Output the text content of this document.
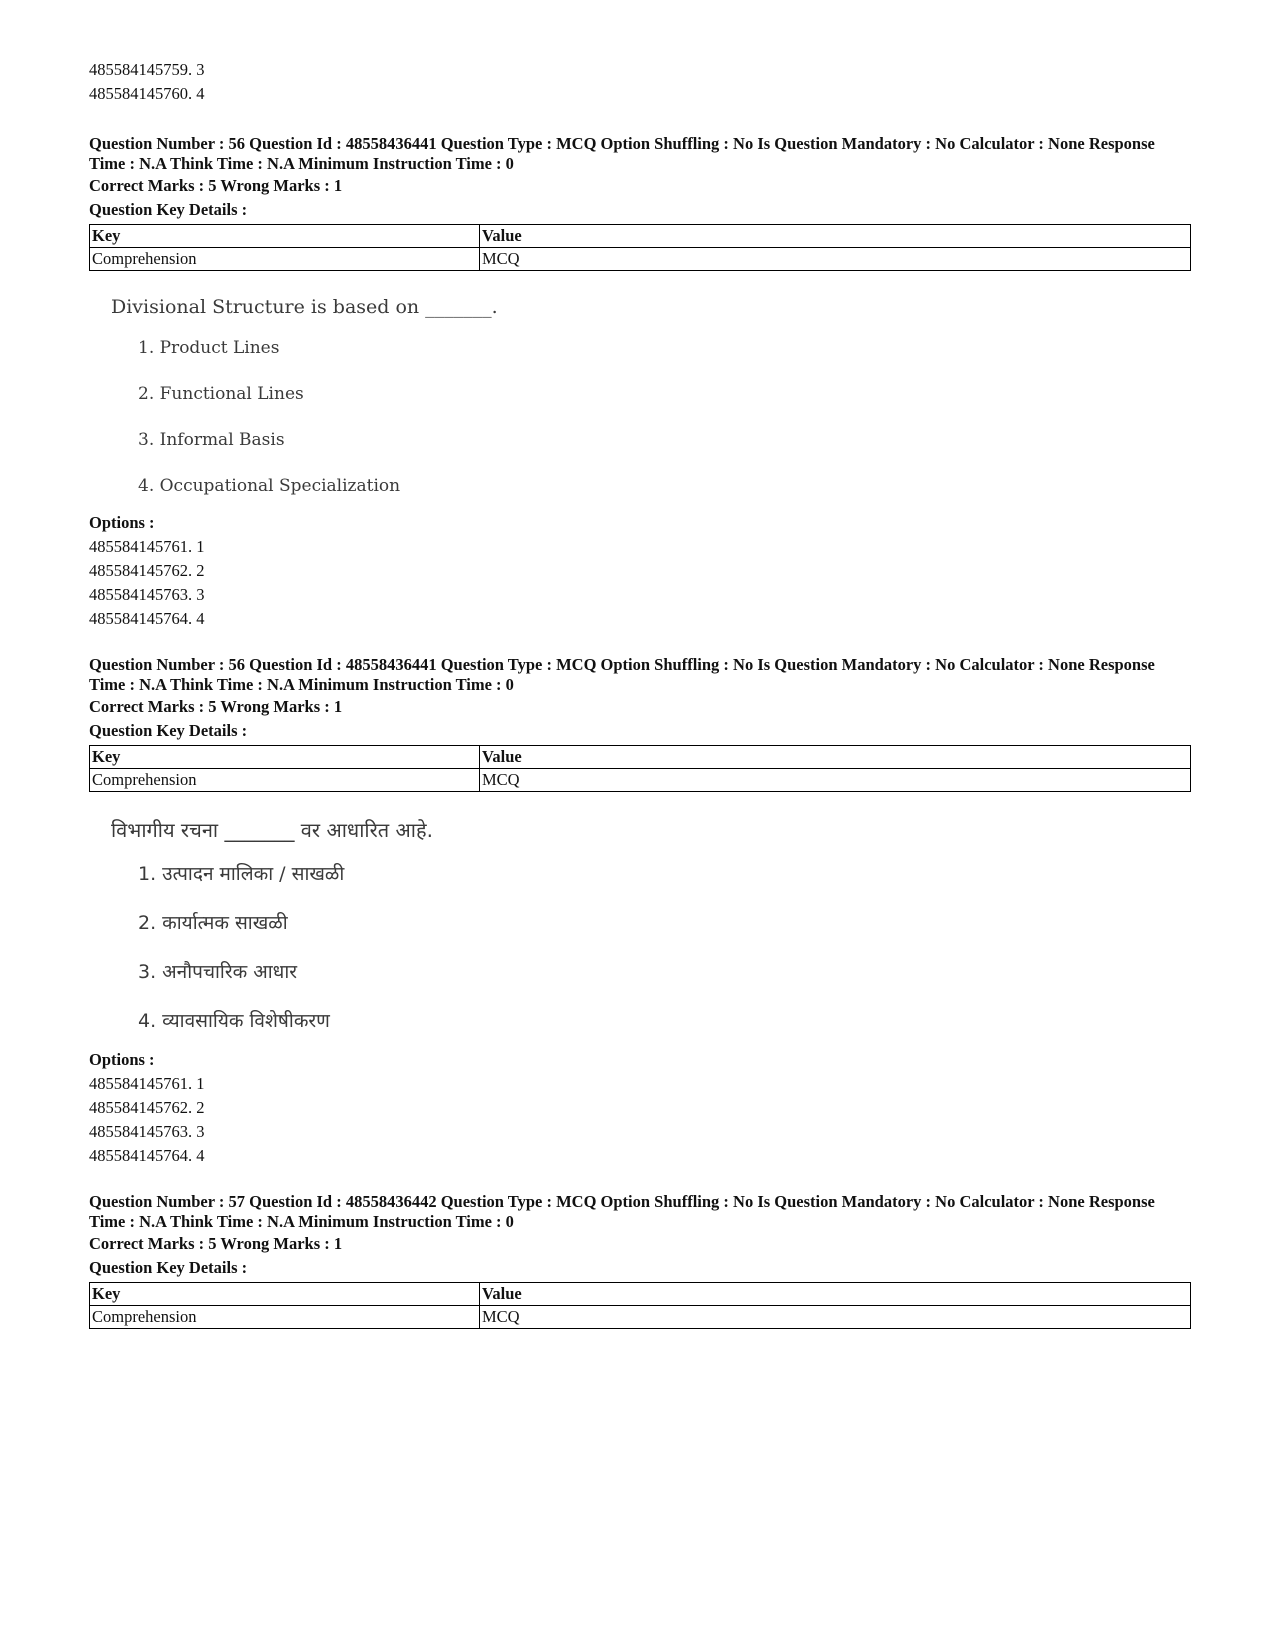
485584145759. 3
485584145760. 4
Question Number : 56 Question Id : 48558436441 Question Type : MCQ Option Shuffling : No Is Question Mandatory : No Calculator : None Response Time : N.A Think Time : N.A Minimum Instruction Time : 0
Correct Marks : 5 Wrong Marks : 1
Question Key Details :
Key	Value
Comprehension	MCQ
Divisional Structure is based on _______.
1. Product Lines
2. Functional Lines
3. Informal Basis
4. Occupational Specialization
Options :
485584145761. 1
485584145762. 2
485584145763. 3
485584145764. 4
Question Number : 56 Question Id : 48558436441 Question Type : MCQ Option Shuffling : No Is Question Mandatory : No Calculator : None Response Time : N.A Think Time : N.A Minimum Instruction Time : 0
Correct Marks : 5 Wrong Marks : 1
Question Key Details :
Key	Value
Comprehension	MCQ
विभागीय रचना _______ वर आधारित आहे.
1. उत्पादन मालिका / साखळी
2. कार्यात्मक साखळी
3. अनौपचारिक आधार
4. व्यावसायिक विशेषीकरण
Options :
485584145761. 1
485584145762. 2
485584145763. 3
485584145764. 4
Question Number : 57 Question Id : 48558436442 Question Type : MCQ Option Shuffling : No Is Question Mandatory : No Calculator : None Response Time : N.A Think Time : N.A Minimum Instruction Time : 0
Correct Marks : 5 Wrong Marks : 1
Question Key Details :
Key	Value
Comprehension	MCQ
